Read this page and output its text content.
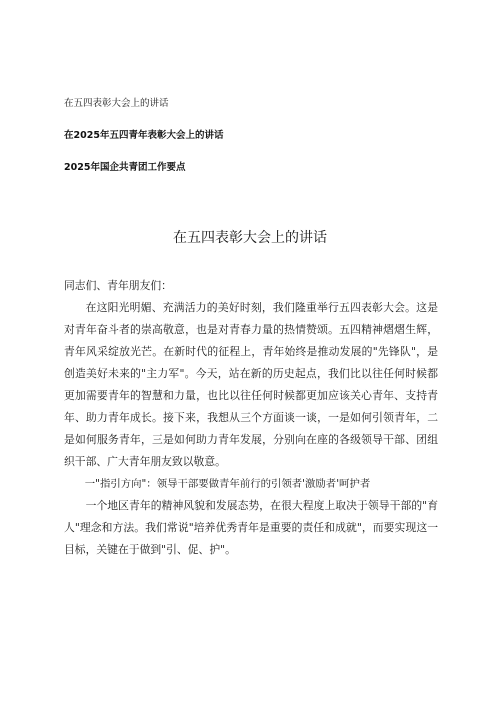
在五四表彰大会上的讲话
在2025年五四青年表彰大会上的讲话
2025年国企共青团工作要点
在五四表彰大会上的讲话

同志们、青年朋友们：

在这阳光明媚、充满活力的美好时刻，我们隆重举行五四表彰大会。这是对青年奋斗者的崇高敬意，也是对青春力量的热情赞颂。五四精神熠熠生辉，青年风采绽放光芒。在新时代的征程上，青年始终是推动发展的"先锋队"，是创造美好未来的"主力军"。今天，站在新的历史起点，我们比以往任何时候都更加需要青年的智慧和力量，也比以往任何时候都更加应该关心青年、支持青年、助力青年成长。接下来，我想从三个方面谈一谈，一是如何引领青年，二是如何服务青年，三是如何助力青年发展，分别向在座的各级领导干部、团组织干部、广大青年朋友致以敬意。

一"指引方向"：领导干部要做青年前行的引领者'激励者'呵护者

一个地区青年的精神风貌和发展态势，在很大程度上取决于领导干部的"育人"理念和方法。我们常说"培养优秀青年是重要的责任和成就"，而要实现这一目标，关键在于做到"引、促、护"。
